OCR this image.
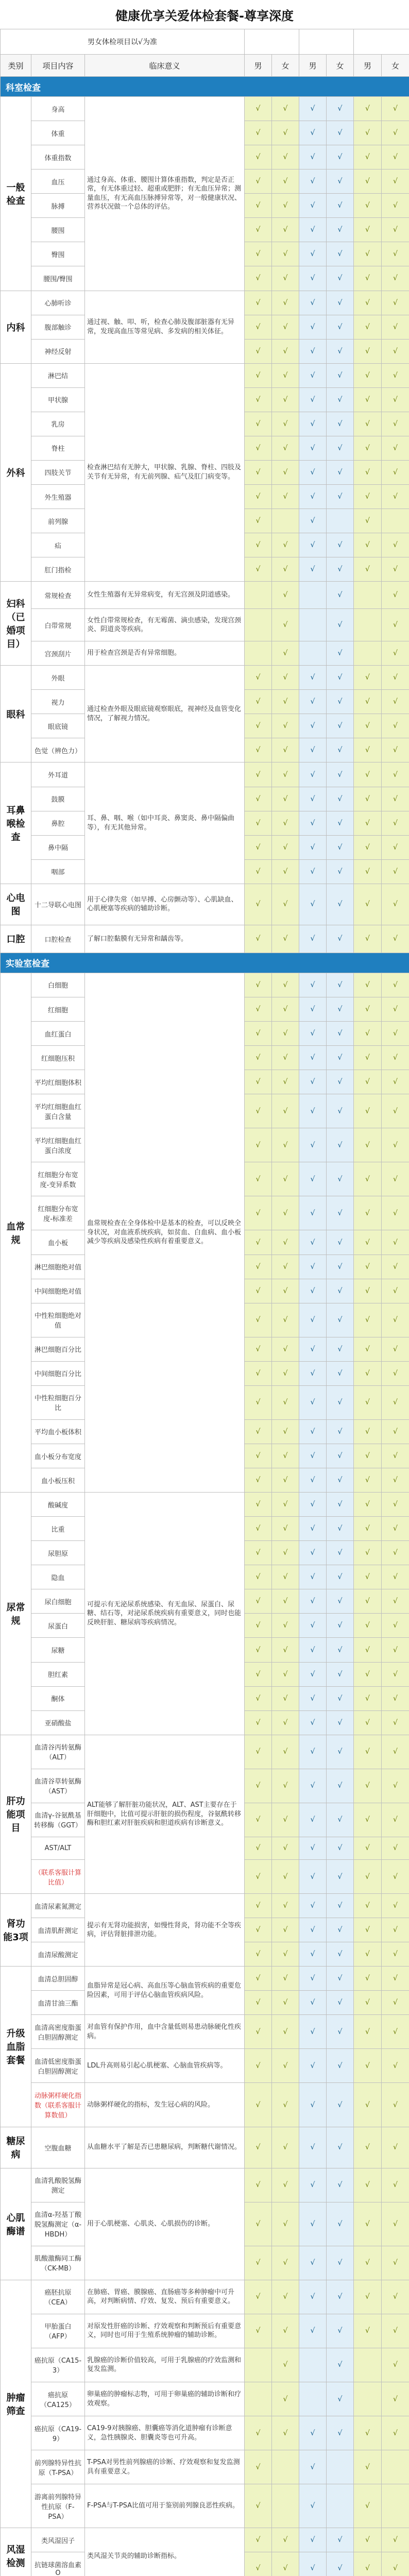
健康优享关爱体检套餐-尊享深度
男女体检项目以√为准			美年		瑞慈		新安康吉	
类别	项目内容	临床意义	男	女	男	女	男	女
科室检查								
一般检查	身高	通过身高、体重、腰围计算体重指数，判定是否正常，有无体重过轻、超重或肥胖；有无血压异常；测量血压，有无高血压脉搏异常等，对一般健康状况、营养状况做一个总体的评估。	√	√	√	√	√	√
	体重		√	√	√	√	√	√
	体重指数		√	√	√	√	√	√
	血压		√	√	√	√	√	√
	脉搏		√	√	√	√	√	√
	腰围		√	√	√	√	√	√
	臀围		√	√	√	√	√	√
	腰围/臀围		√	√	√	√	√	√
内科	心肺听诊	通过视、触、叩、听，检查心肺及腹部脏器有无异常，发现高血压等常见病、多发病的相关体征。	√	√	√	√	√	√
	腹部触诊		√	√	√	√	√	√
	神经反射		√	√	√	√	√	√
外科	淋巴结	检查淋巴结有无肿大，甲状腺、乳腺、脊柱、四肢及关节有无异常，有无前列腺、疝气及肛门病变等。	√	√	√	√	√	√
	甲状腺		√	√	√	√	√	√
	乳房		√	√	√	√	√	√
	脊柱		√	√	√	√	√	√
	四肢关节		√	√	√	√	√	√
	外生殖器		√	√	√	√	√	√
	前列腺		√		√		√	
	疝		√	√	√	√	√	√
	肛门指检		√	√	√	√	√	√
妇科（已婚项目）	常规检查	女性生殖器有无异常病变，有无宫颈及阴道感染。		√		√		√
	白带常规	女性白带常规检查，有无霉菌、滴虫感染，发现宫颈炎、阴道炎等疾病。		√		√		√
	宫颈刮片	用于检查宫颈是否有异常细胞。		√		√		√
眼科	外眼	通过检查外眼及眼底镜观察眼底，视神经及血管变化情况，了解视力情况。	√	√	√	√	√	√
	视力		√	√	√	√	√	√
	眼底镜		√	√	√	√	√	√
	色觉（辨色力）		√	√	√	√	√	√
耳鼻喉检查	外耳道	耳、鼻、咽、喉（如中耳炎、鼻窦炎、鼻中隔偏曲等），有无其他异常。	√	√	√	√	√	√
	鼓膜		√	√	√	√	√	√
	鼻腔		√	√	√	√	√	√
	鼻中隔		√	√	√	√	√	√
	咽部		√	√	√	√	√	√
心电图	十二导联心电图	用于心律失常（如早搏、心房颤动等）、心肌缺血、心肌梗塞等疾病的辅助诊断。	√	√	√	√	√	√
口腔	口腔检查	了解口腔黏膜有无异常和龋齿等。	√	√	√	√	√	√
实验室检查								
血常规	白细胞	血常规检查在全身体检中是基本的检查，可以反映全身状况，对血液系统疾病，如贫血、白血病、血小板减少等疾病及感染性疾病有着重要意义。	√	√	√	√	√	√
	红细胞		√	√	√	√	√	√
	血红蛋白		√	√	√	√	√	√
	红细胞压积		√	√	√	√	√	√
	平均红细胞体积		√	√	√	√	√	√
	平均红细胞血红蛋白含量		√	√	√	√	√	√
	平均红细胞血红蛋白浓度		√	√	√	√	√	√
	红细胞分布宽度-变异系数		√	√	√	√	√	√
	红细胞分布宽度-标准差		√	√	√	√	√	√
	血小板		√	√	√	√	√	√
	淋巴细胞绝对值		√	√	√	√	√	√
	中间细胞绝对值		√	√	√	√	√	√
	中性粒细胞绝对值		√	√	√	√	√	√
	淋巴细胞百分比		√	√	√	√	√	√
	中间细胞百分比		√	√	√	√	√	√
	中性粒细胞百分比		√	√	√	√	√	√
	平均血小板体积		√	√	√	√	√	√
	血小板分布宽度		√	√	√	√	√	√
	血小板压积		√	√	√	√	√	√
尿常规	酸碱度	可提示有无泌尿系统感染、有无血尿、尿蛋白、尿糖、结石等，对泌尿系统疾病有重要意义，同时也能反映肝脏、糖尿病等疾病情况。	√	√	√	√	√	√
	比重		√	√	√	√	√	√
	尿胆原		√	√	√	√	√	√
	隐血		√	√	√	√	√	√
	尿白细胞		√	√	√	√	√	√
	尿蛋白		√	√	√	√	√	√
	尿糖		√	√	√	√	√	√
	胆红素		√	√	√	√	√	√
	酮体		√	√	√	√	√	√
	亚硝酸盐		√	√	√	√	√	√
肝功能项目	血清谷丙转氨酶（ALT）	ALT能够了解肝脏功能状况，ALT、AST主要存在于肝细胞中，比值可提示肝脏的损伤程度，谷氨酰转移酶和胆红素对肝脏疾病和胆道疾病有诊断意义。	√	√	√	√	√	√
	血清谷草转氨酶（AST）		√	√	√	√	√	√
	血清γ-谷氨酰基转移酶（GGT）		√	√	√	√	√	√
	AST/ALT		√	√	√	√	√	√
	（联系客服计算比值）		√	√	√	√	√	√
肾功能3项	血清尿素氮测定	提示有无肾功能损害，如慢性肾炎，肾功能不全等疾病，评估肾脏排泄功能。	√	√	√	√	√	√
	血清肌酐测定		√	√	√	√	√	√
	血清尿酸测定		√	√	√	√	√	√
升级血脂套餐	血清总胆固醇	血脂异常是冠心病、高血压等心脑血管疾病的重要危险因素，可用于评估心脑血管疾病风险。	√	√	√	√	√	√
	血清甘油三酯		√	√	√	√	√	√
	血清高密度脂蛋白胆固醇测定	对血管有保护作用，血中含量低则易患动脉硬化性疾病。	√	√	√	√	√	√
	血清低密度脂蛋白胆固醇测定	LDL升高则易引起心肌梗塞、心脑血管疾病等。	√	√	√	√	√	√
	动脉粥样硬化指数（联系客服计算数值）	动脉粥样硬化的指标，发生冠心病的风险。	√	√	√	√	√	√
糖尿病	空腹血糖	从血糖水平了解是否已患糖尿病，判断糖代谢情况。	√	√	√	√	√	√
心肌酶谱	血清乳酸脱氢酶测定	用于心肌梗塞、心肌炎、心肌损伤的诊断。	√	√	√	√	√	√
	血清α-羟基丁酸脱氢酶测定（α-HBDH）		√	√	√	√	√	√
	肌酸激酶同工酶（CK-MB）		√	√	√	√	√	√
肿瘤筛查	癌胚抗原（CEA）	在肺癌、胃癌、膜腺癌、直肠癌等多种肿瘤中可升高，对判断病情、疗效、复发、预后有重要意义。	√	√	√	√	√	√
	甲胎蛋白（AFP）	对原发性肝癌的诊断、疗效观察和判断预后有重要意义，同时也可用于生殖系统肿瘤的辅助诊断。	√	√	√	√	√	√
	癌抗原（CA15-3）	乳腺癌的诊断价值较高，可用于乳腺癌的疗效监测和复发监测。		√		√		√
	癌抗原（CA125）	卵巢癌的肿瘤标志物，可用于卵巢癌的辅助诊断和疗效观察。		√		√		√
	癌抗原（CA19-9）	CA19-9对胰腺癌、胆囊癌等消化道肿瘤有诊断意义，急性胰腺炎、胆囊炎等也可升高。	√	√	√	√	√	√
	前列腺特异性抗原（T-PSA）	T-PSA对男性前列腺癌的诊断、疗效观察和复发监测具有重要意义。	√		√		√	
	游离前列腺特异性抗原（F-PSA）	F-PSA与T-PSA比值可用于鉴别前列腺良恶性疾病。	√		√		√	
风湿检测	类风湿因子	类风湿关节炎的辅助诊断指标。	√	√	√	√	√	√
	抗链球菌溶血素O		√	√	√	√	√	√
